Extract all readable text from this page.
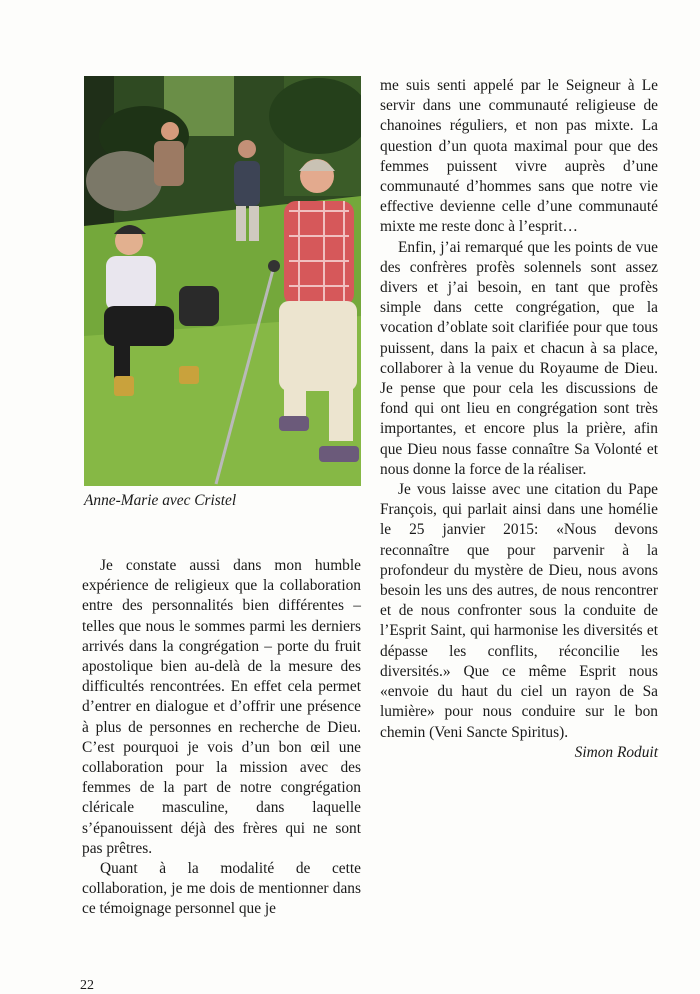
Anne-Marie avec Cristel

Je constate aussi dans mon humble expérience de religieux que la collaboration entre des personnalités bien différentes – telles que nous le sommes parmi les derniers arrivés dans la congrégation – porte du fruit apostolique bien au-delà de la mesure des difficultés rencontrées. En effet cela permet d’entrer en dialogue et d’offrir une présence à plus de personnes en recherche de Dieu. C’est pourquoi je vois d’un bon œil une collaboration pour la mission avec des femmes de la part de notre congrégation cléricale masculine, dans laquelle s’épanouissent déjà des frères qui ne sont pas prêtres.

Quant à la modalité de cette collaboration, je me dois de mentionner dans ce témoignage personnel que je

me suis senti appelé par le Seigneur à Le servir dans une communauté religieuse de chanoines réguliers, et non pas mixte. La question d’un quota maximal pour que des femmes puissent vivre auprès d’une communauté d’hommes sans que notre vie effective devienne celle d’une communauté mixte me reste donc à l’esprit…

Enfin, j’ai remarqué que les points de vue des confrères profès solennels sont assez divers et j’ai besoin, en tant que profès simple dans cette congrégation, que la vocation d’oblate soit clarifiée pour que tous puissent, dans la paix et chacun à sa place, collaborer à la venue du Royaume de Dieu. Je pense que pour cela les discussions de fond qui ont lieu en congrégation sont très importantes, et encore plus la prière, afin que Dieu nous fasse connaître Sa Volonté et nous donne la force de la réaliser.

Je vous laisse avec une citation du Pape François, qui parlait ainsi dans une homélie le 25 janvier 2015: «Nous devons reconnaître que pour parvenir à la profondeur du mystère de Dieu, nous avons besoin les uns des autres, de nous rencontrer et de nous confronter sous la conduite de l’Esprit Saint, qui harmonise les diversités et dépasse les conflits, réconcilie les diversités.» Que ce même Esprit nous «envoie du haut du ciel un rayon de Sa lumière» pour nous conduire sur le bon chemin (Veni Sancte Spiritus).

Simon Roduit

22
